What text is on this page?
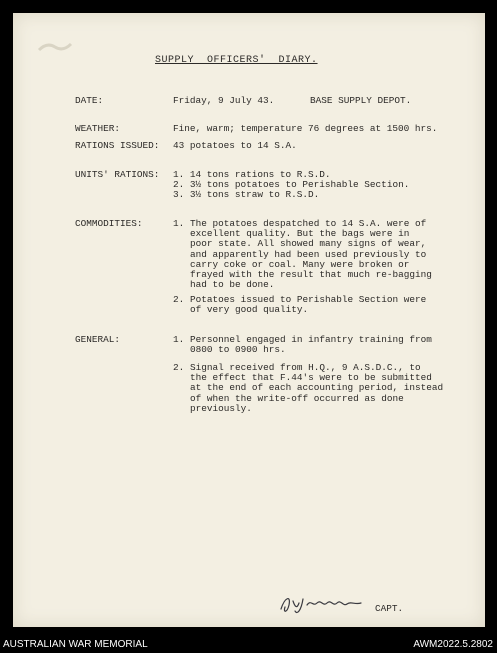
SUPPLY  OFFICERS'  DIARY.
DATE:	Friday, 9 July 43.	BASE SUPPLY DEPOT.
WEATHER:	Fine, warm; temperature 76 degrees at 1500 hrs.
RATIONS ISSUED: 43 potatoes to 14 S.A.
UNITS' RATIONS: 1. 14 tons rations to R.S.D.
2. 3½ tons potatoes to Perishable Section.
3. 3½ tons straw to R.S.D.
COMMODITIES:	1. The potatoes despatched to 14 S.A. were of
excellent quality. But the bags were in
poor state. All showed many signs of wear,
and apparently had been used previously to
carry coke or coal. Many were broken or
frayed with the result that much re-bagging
had to be done.
2. Potatoes issued to Perishable Section were
of very good quality.
GENERAL:	1. Personnel engaged in infantry training from
0800 to 0900 hrs.
2. Signal received from H.Q., 9 A.S.D.C., to
the effect that F.44's were to be submitted
at the end of each accounting period, instead
of when the write-off occurred as done
previously.
CAPT.
AUSTRALIAN WAR MEMORIAL	AWM2022.5.2802
